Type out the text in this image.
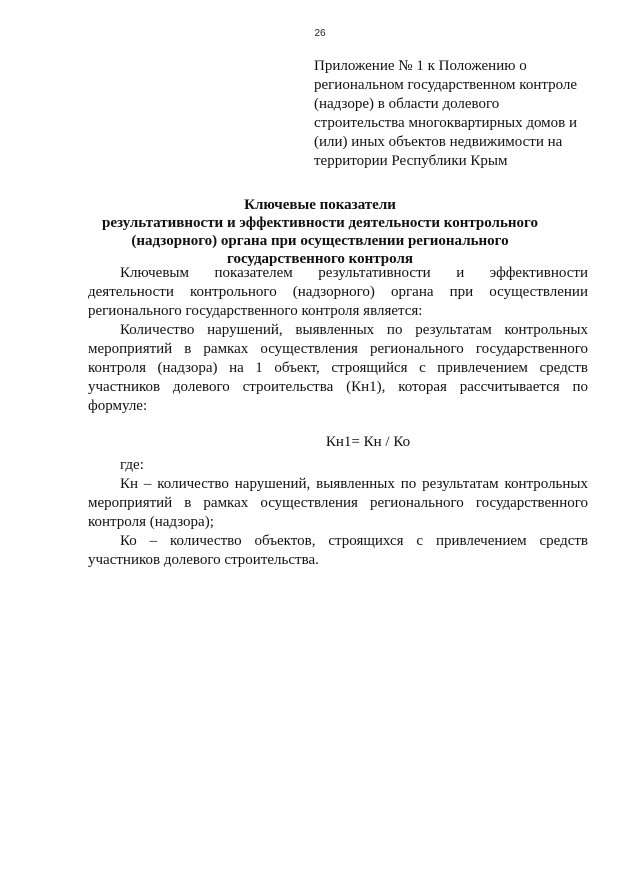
26
Приложение № 1 к Положению о
региональном государственном контроле
(надзоре) в области долевого
строительства многоквартирных домов и
(или) иных объектов недвижимости на
территории Республики Крым
Ключевые показатели
результативности и эффективности деятельности контрольного
(надзорного) органа при осуществлении регионального
государственного контроля

Ключевым показателем результативности и эффективности деятельности контрольного (надзорного) органа при осуществлении регионального государственного контроля является:

Количество нарушений, выявленных по результатам контрольных мероприятий в рамках осуществления регионального государственного контроля (надзора) на 1 объект, строящийся с привлечением средств участников долевого строительства (Кн1), которая рассчитывается по формуле:

Кн1= Кн / Ко

где:

Кн – количество нарушений, выявленных по результатам контрольных мероприятий в рамках осуществления регионального государственного контроля (надзора);

Ко – количество объектов, строящихся с привлечением средств участников долевого строительства.
